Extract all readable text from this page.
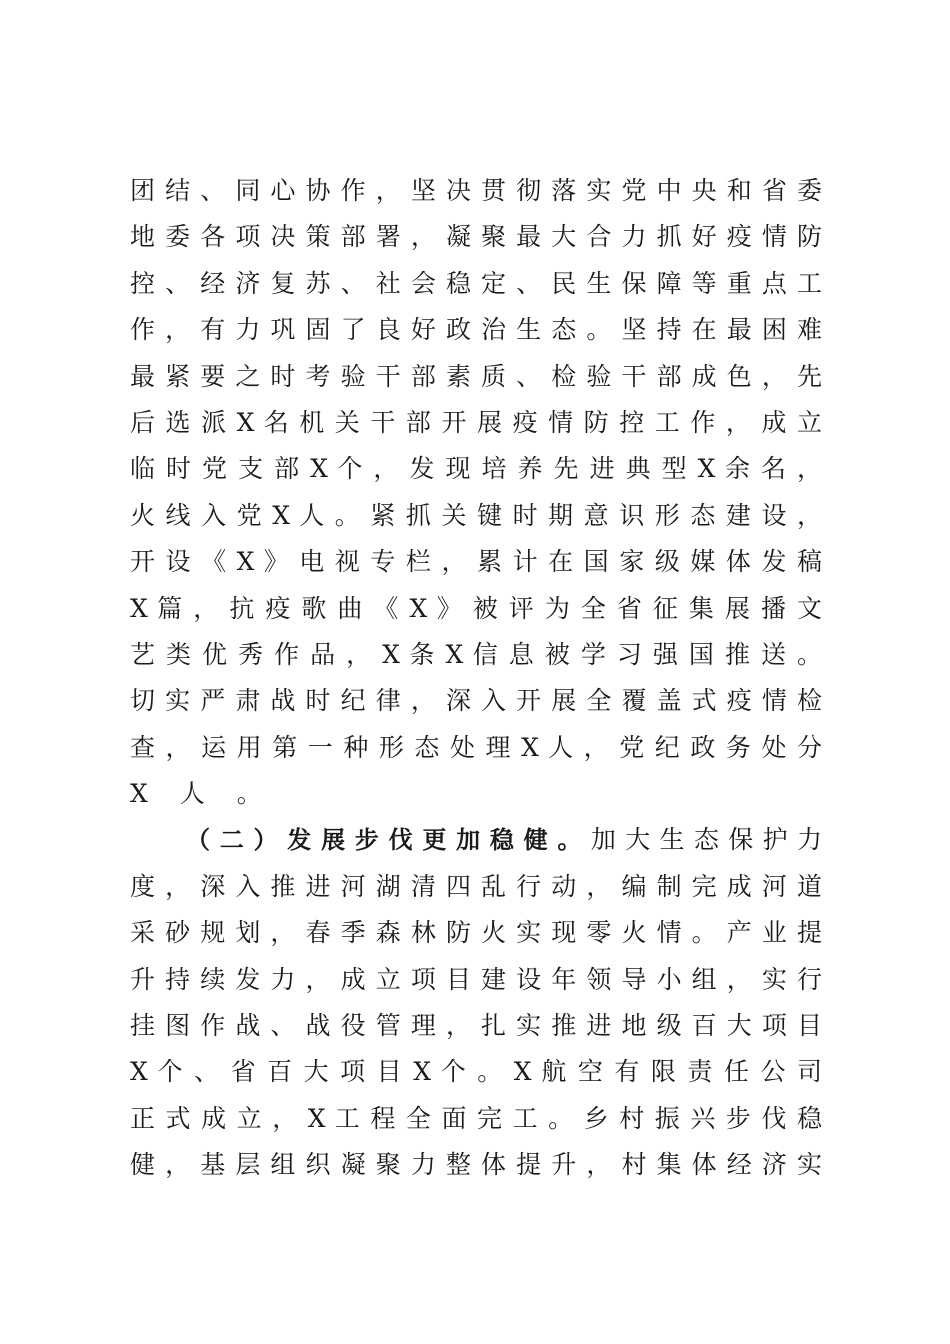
团 结 、 同 心 协 作 ， 坚 决 贯 彻 落 实 党 中 央 和 省 委
地 委 各 项 决 策 部 署 ， 凝 聚 最 大 合 力 抓 好 疫 情 防
控 、 经 济 复 苏 、 社 会 稳 定 、 民 生 保 障 等 重 点 工
作 ， 有 力 巩 固 了 良 好 政 治 生 态 。 坚 持 在 最 困 难
最 紧 要 之 时 考 验 干 部 素 质 、 检 验 干 部 成 色 ， 先
后 选 派 X 名 机 关 干 部 开 展 疫 情 防 控 工 作 ， 成 立
临 时 党 支 部 X 个 ， 发 现 培 养 先 进 典 型 X 余 名 ，
火 线 入 党 X 人 。 紧 抓 关 键 时 期 意 识 形 态 建 设 ，
开 设 《 X 》 电 视 专 栏 ， 累 计 在 国 家 级 媒 体 发 稿
X 篇 ， 抗 疫 歌 曲 《 X 》 被 评 为 全 省 征 集 展 播 文
艺 类 优 秀 作 品 ， X 条 X 信 息 被 学 习 强 国 推 送 。
切 实 严 肃 战 时 纪 律 ， 深 入 开 展 全 覆 盖 式 疫 情 检
查 ， 运 用 第 一 种 形 态 处 理 X 人 ， 党 纪 政 务 处 分
X 人 。
（ 二 ） 发 展 步 伐 更 加 稳 健 。 加 大 生 态 保 护 力
度 ， 深 入 推 进 河 湖 清 四 乱 行 动 ， 编 制 完 成 河 道
采 砂 规 划 ， 春 季 森 林 防 火 实 现 零 火 情 。 产 业 提
升 持 续 发 力 ， 成 立 项 目 建 设 年 领 导 小 组 ， 实 行
挂 图 作 战 、 战 役 管 理 ， 扎 实 推 进 地 级 百 大 项 目
X 个 、 省 百 大 项 目 X 个 。 X 航 空 有 限 责 任 公 司
正 式 成 立 ， X 工 程 全 面 完 工 。 乡 村 振 兴 步 伐 稳
健 ， 基 层 组 织 凝 聚 力 整 体 提 升 ， 村 集 体 经 济 实
